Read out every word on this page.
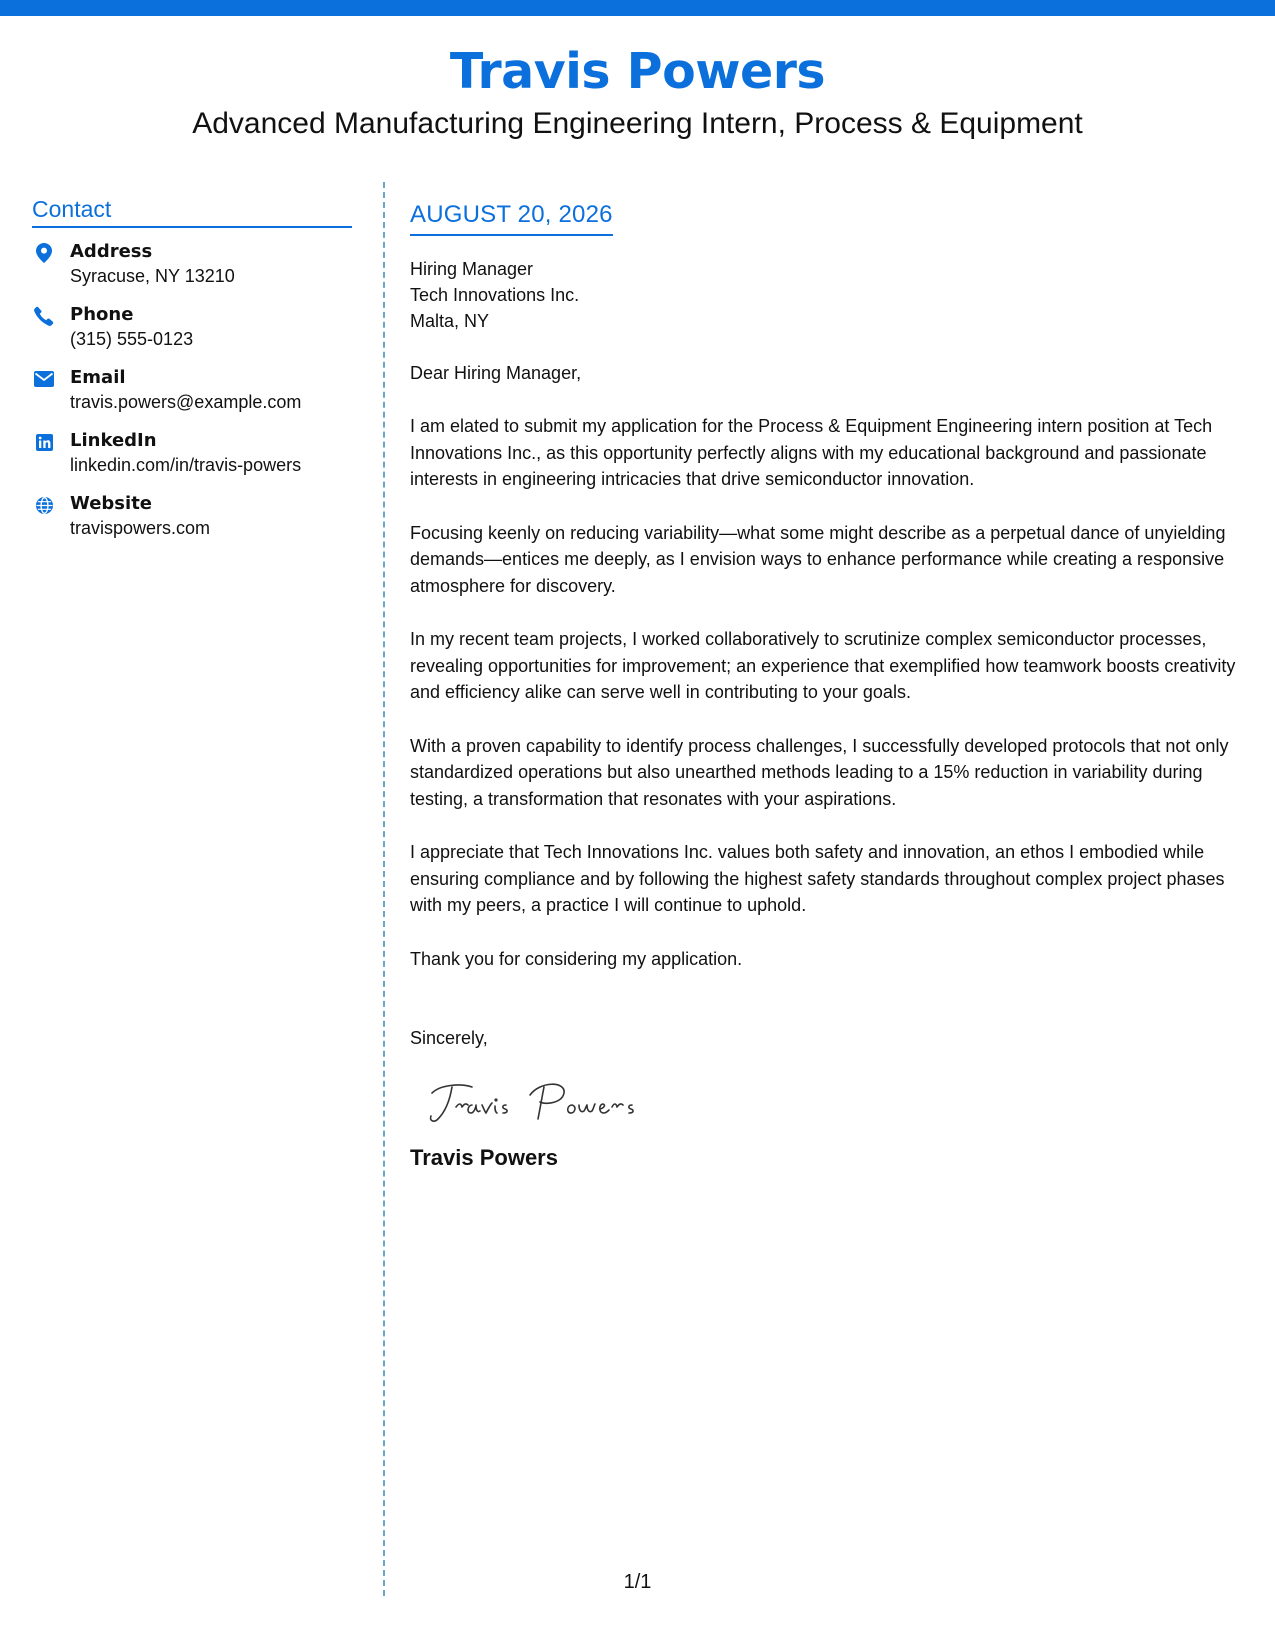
Travis Powers
Advanced Manufacturing Engineering Intern, Process & Equipment
Contact
Address
Syracuse, NY 13210
Phone
(315) 555-0123
Email
travis.powers@example.com
LinkedIn
linkedin.com/in/travis-powers
Website
travispowers.com
AUGUST 20, 2026
Hiring Manager
Tech Innovations Inc.
Malta, NY
Dear Hiring Manager,
I am elated to submit my application for the Process & Equipment Engineering intern position at Tech Innovations Inc., as this opportunity perfectly aligns with my educational background and passionate interests in engineering intricacies that drive semiconductor innovation.
Focusing keenly on reducing variability—what some might describe as a perpetual dance of unyielding demands—entices me deeply, as I envision ways to enhance performance while creating a responsive atmosphere for discovery.
In my recent team projects, I worked collaboratively to scrutinize complex semiconductor processes, revealing opportunities for improvement; an experience that exemplified how teamwork boosts creativity and efficiency alike can serve well in contributing to your goals.
With a proven capability to identify process challenges, I successfully developed protocols that not only standardized operations but also unearthed methods leading to a 15% reduction in variability during testing, a transformation that resonates with your aspirations.
I appreciate that Tech Innovations Inc. values both safety and innovation, an ethos I embodied while ensuring compliance and by following the highest safety standards throughout complex project phases with my peers, a practice I will continue to uphold.
Thank you for considering my application.
Sincerely,
Travis Powers
1/1
